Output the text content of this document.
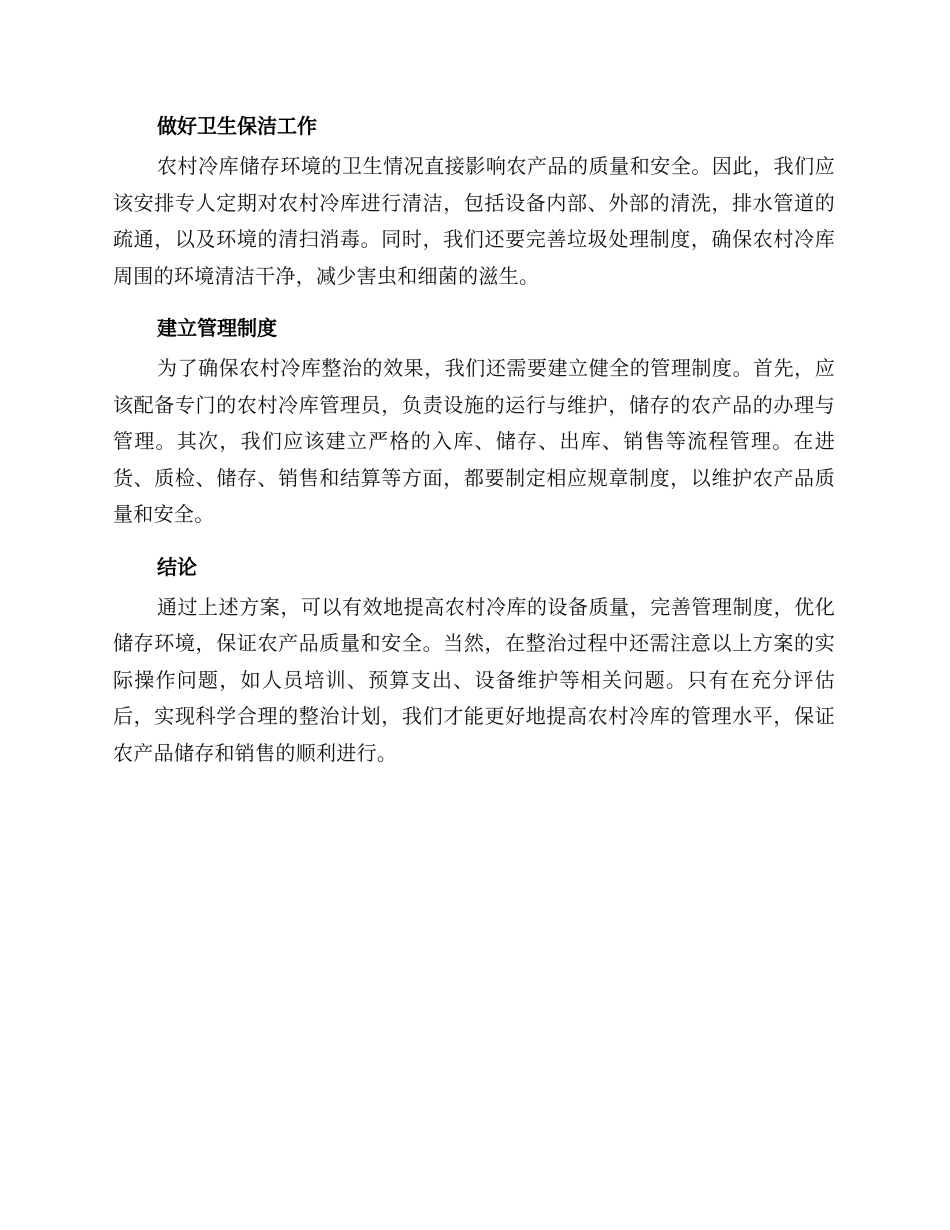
做好卫生保洁工作

农村冷库储存环境的卫生情况直接影响农产品的质量和安全。因此，我们应该安排专人定期对农村冷库进行清洁，包括设备内部、外部的清洗，排水管道的疏通，以及环境的清扫消毒。同时，我们还要完善垃圾处理制度，确保农村冷库周围的环境清洁干净，减少害虫和细菌的滋生。

建立管理制度

为了确保农村冷库整治的效果，我们还需要建立健全的管理制度。首先，应该配备专门的农村冷库管理员，负责设施的运行与维护，储存的农产品的办理与管理。其次，我们应该建立严格的入库、储存、出库、销售等流程管理。在进货、质检、储存、销售和结算等方面，都要制定相应规章制度，以维护农产品质量和安全。

结论

通过上述方案，可以有效地提高农村冷库的设备质量，完善管理制度，优化储存环境，保证农产品质量和安全。当然，在整治过程中还需注意以上方案的实际操作问题，如人员培训、预算支出、设备维护等相关问题。只有在充分评估后，实现科学合理的整治计划，我们才能更好地提高农村冷库的管理水平，保证农产品储存和销售的顺利进行。
